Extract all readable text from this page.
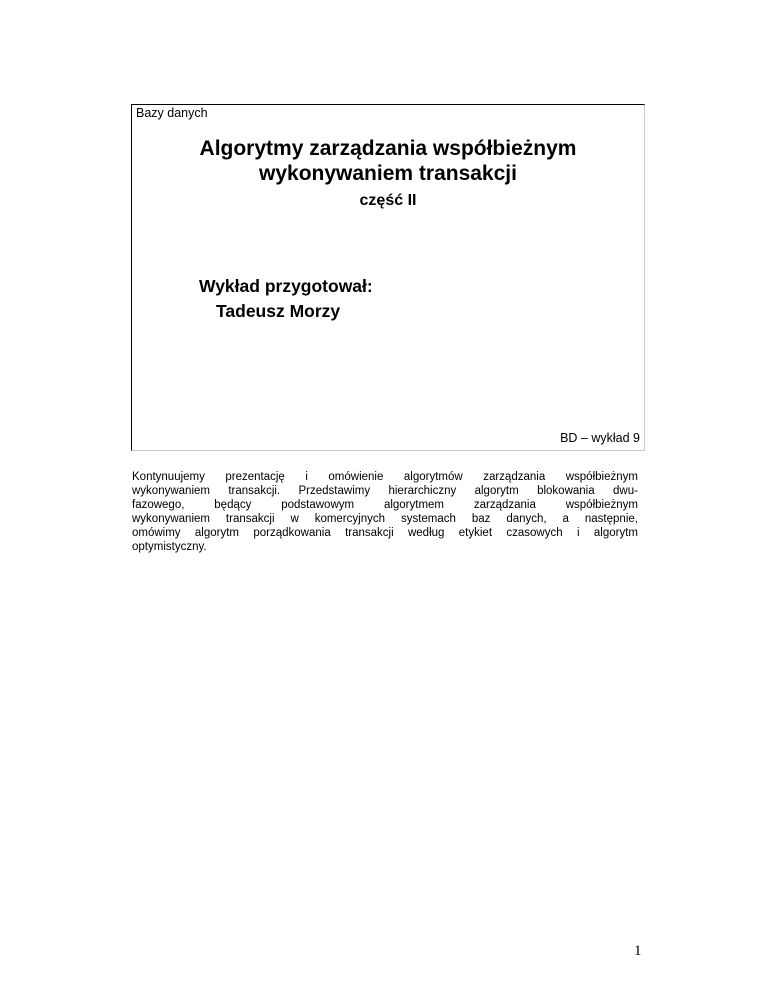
Bazy danych
Algorytmy zarządzania współbieżnym
wykonywaniem transakcji
część II
Wykład przygotował:
Tadeusz Morzy
BD – wykład 9
Kontynuujemy prezentację i omówienie algorytmów zarządzania współbieżnym
wykonywaniem transakcji. Przedstawimy hierarchiczny algorytm blokowania dwu-
fazowego,	będący	podstawowym	algorytmem	zarządzania	współbieżnym
wykonywaniem transakcji w komercyjnych systemach baz danych, a następnie,
omówimy algorytm porządkowania transakcji według etykiet czasowych i algorytm
optymistyczny.
1
